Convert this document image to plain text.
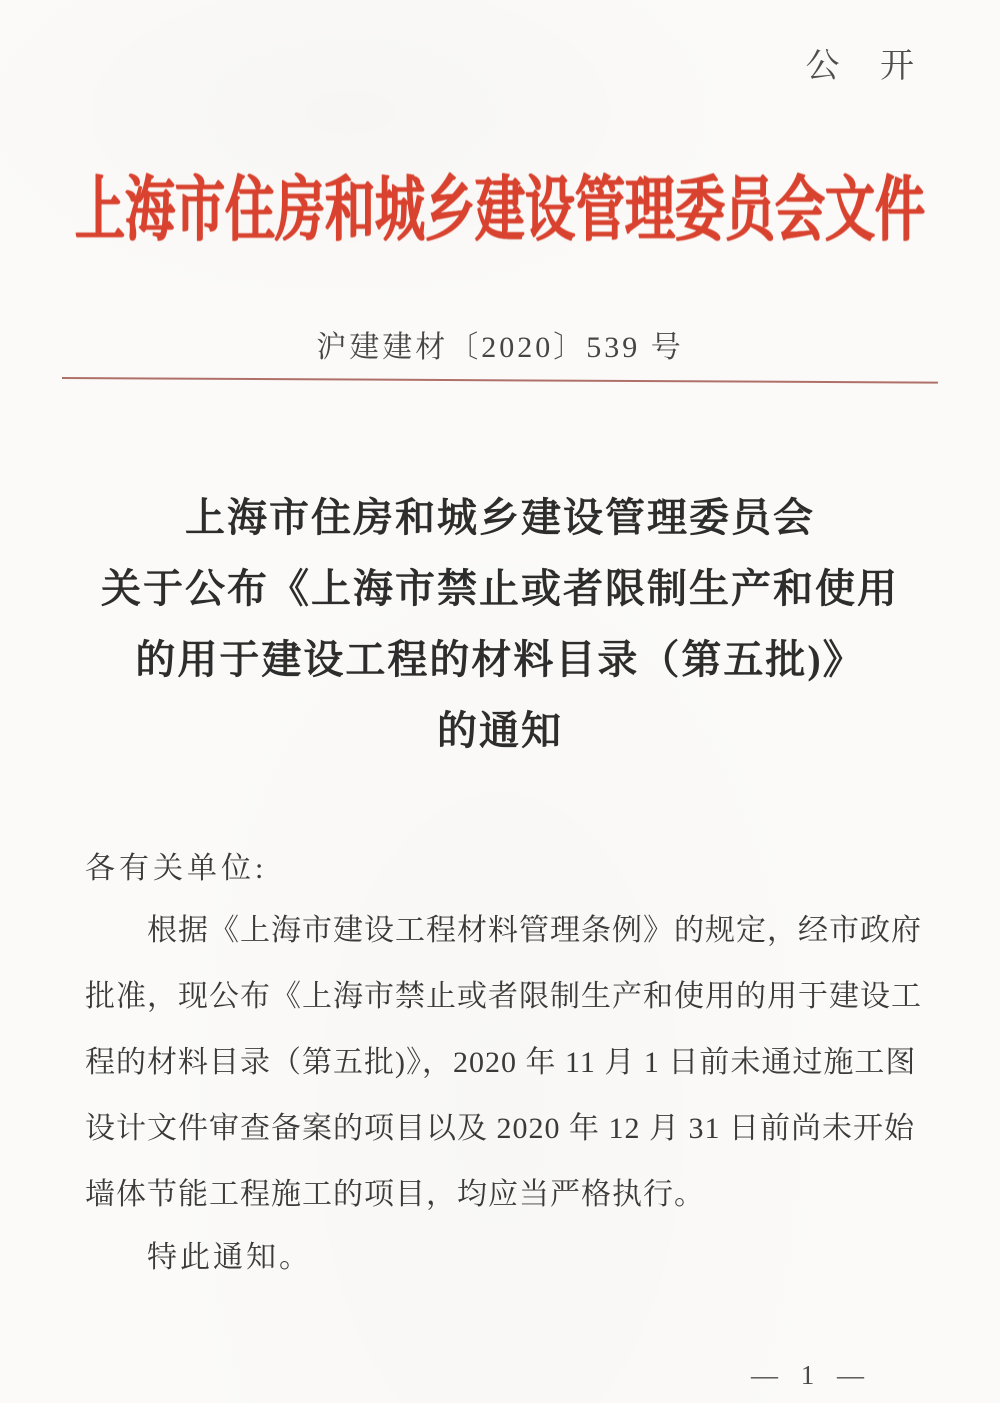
公 开
上海市住房和城乡建设管理委员会文件
沪建建材〔2020〕539 号
上海市住房和城乡建设管理委员会
关于公布《上海市禁止或者限制生产和使用
的用于建设工程的材料目录（第五批)》
的通知
各有关单位:
根据《上海市建设工程材料管理条例》的规定，经市政府
批准，现公布《上海市禁止或者限制生产和使用的用于建设工
程的材料目录（第五批)》，2020 年 11 月 1 日前未通过施工图
设计文件审查备案的项目以及 2020 年 12 月 31 日前尚未开始
墙体节能工程施工的项目，均应当严格执行。
特此通知。
— 1 —
